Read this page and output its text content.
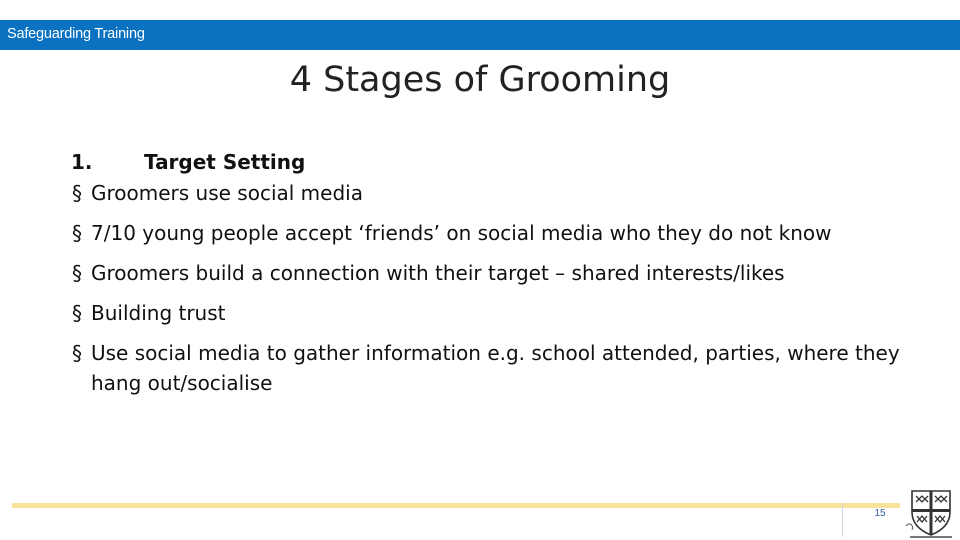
Safeguarding Training
4 Stages of Grooming
1.	Target Setting
§ Groomers use social media
§ 7/10 young people accept ‘friends’ on social media who they do not know
§ Groomers build a connection with their target – shared interests/likes
§ Building trust
§ Use social media to gather information e.g. school attended, parties, where they hang out/socialise
15
